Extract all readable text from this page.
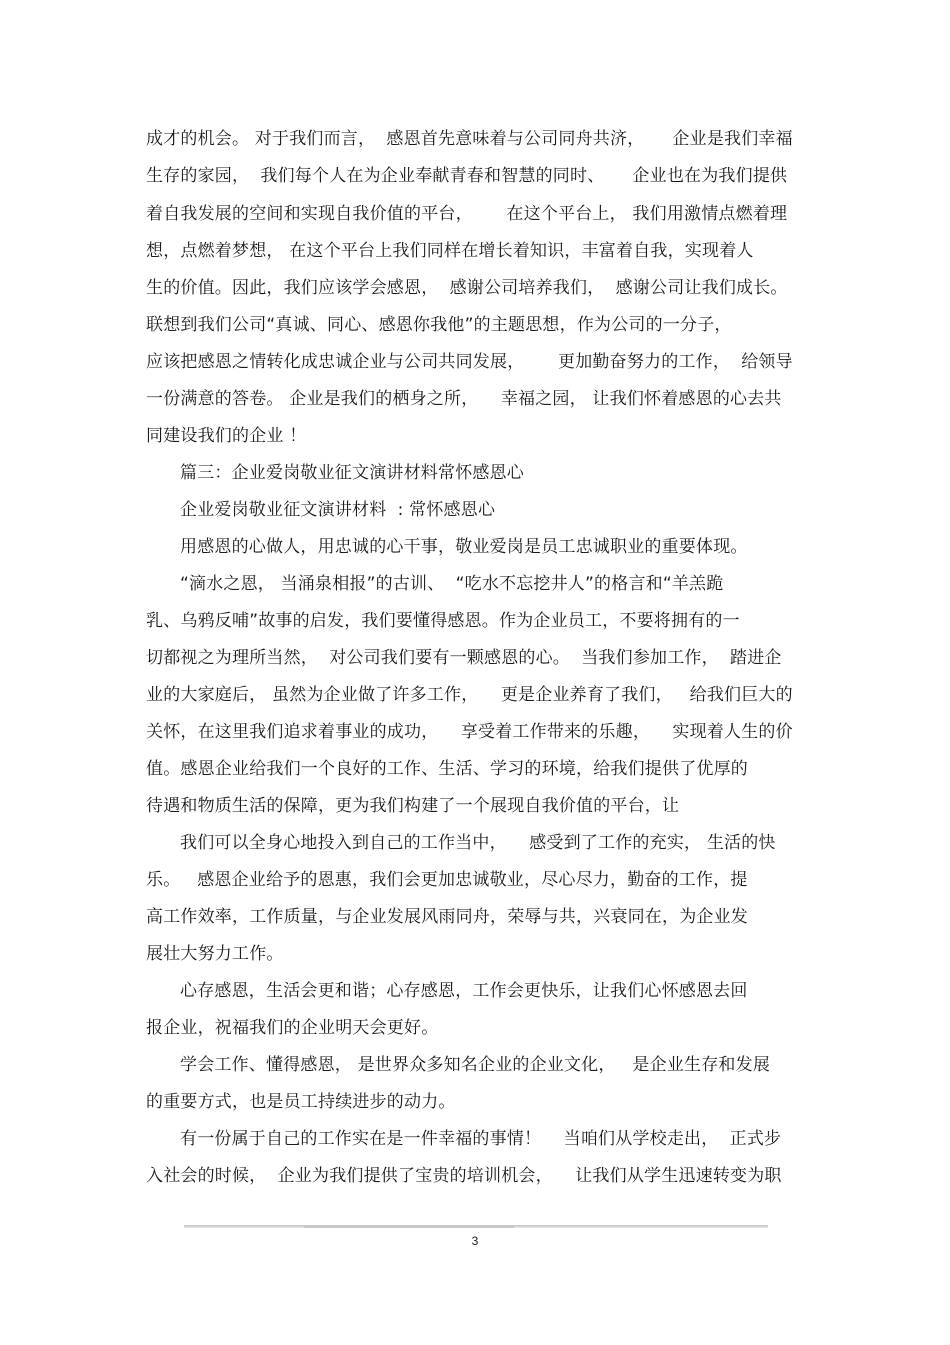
成才的机会。 对于我们而言，  感恩首先意味着与公司同舟共济，     企业是我们幸福
生存的家园，  我们每个人在为企业奉献青春和智慧的同时、     企业也在为我们提供
着自我发展的空间和实现自我价值的平台，      在这个平台上， 我们用激情点燃着理
想，点燃着梦想， 在这个平台上我们同样在增长着知识，丰富着自我，实现着人
生的价值。因此，我们应该学会感恩，  感谢公司培养我们，  感谢公司让我们成长。
联想到我们公司“真诚、同心、感恩你我他”的主题思想，作为公司的一分子，
应该把感恩之情转化成忠诚企业与公司共同发展，      更加勤奋努力的工作，  给领导
一份满意的答卷。 企业是我们的栖身之所，    幸福之园， 让我们怀着感恩的心去共
同建设我们的企业 ！
篇三：企业爱岗敬业征文演讲材料常怀感恩心
企业爱岗敬业征文演讲材料  : 常怀感恩心
用感恩的心做人，用忠诚的心干事，敬业爱岗是员工忠诚职业的重要体现。
“滴水之恩， 当涌泉相报”的古训、  “吃水不忘挖井人”的格言和“羊羔跪
乳、乌鸦反哺”故事的启发，我们要懂得感恩。作为企业员工，不要将拥有的一
切都视之为理所当然，  对公司我们要有一颗感恩的心。  当我们参加工作，  踏进企
业的大家庭后， 虽然为企业做了许多工作，    更是企业养育了我们，   给我们巨大的
关怀，在这里我们追求着事业的成功，    享受着工作带来的乐趣，    实现着人生的价
值。感恩企业给我们一个良好的工作、生活、学习的环境，给我们提供了优厚的
待遇和物质生活的保障，更为我们构建了一个展现自我价值的平台，让
我们可以全身心地投入到自己的工作当中，    感受到了工作的充实， 生活的快
乐。   感恩企业给予的恩惠，我们会更加忠诚敬业，尽心尽力，勤奋的工作，提
高工作效率，工作质量，与企业发展风雨同舟，荣辱与共，兴衰同在，为企业发
展壮大努力工作。
心存感恩，生活会更和谐；心存感恩，工作会更快乐，让我们心怀感恩去回
报企业，祝福我们的企业明天会更好。
学会工作、懂得感恩， 是世界众多知名企业的企业文化，   是企业生存和发展
的重要方式，也是员工持续进步的动力。
有一份属于自己的工作实在是一件幸福的事情！    当咱们从学校走出，  正式步
入社会的时候，  企业为我们提供了宝贵的培训机会，    让我们从学生迅速转变为职
3
